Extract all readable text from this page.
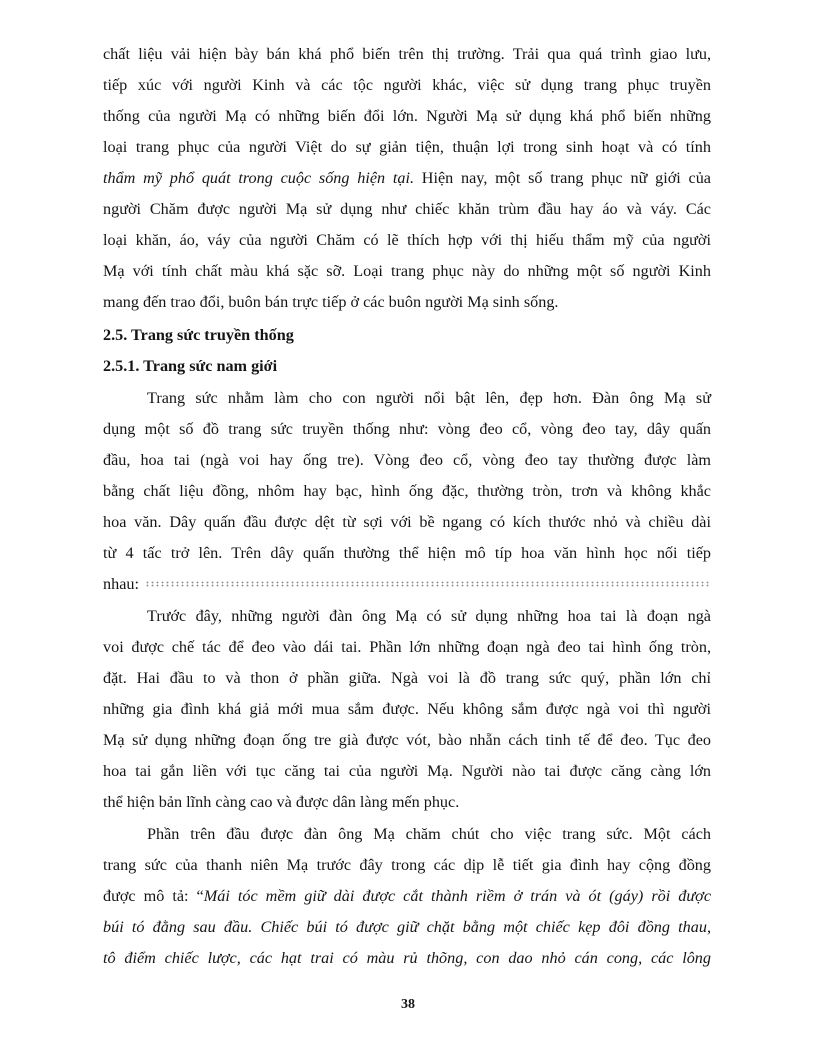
chất liệu vải hiện bày bán khá phổ biến trên thị trường. Trải qua quá trình giao lưu,
tiếp xúc với người Kinh và các tộc người khác, việc sử dụng trang phục truyền
thống của người Mạ có những biến đổi lớn. Người Mạ sử dụng khá phổ biến những
loại trang phục của người Việt do sự giản tiện, thuận lợi trong sinh hoạt và có tính
thẩm mỹ phổ quát trong cuộc sống hiện tại. Hiện nay, một số trang phục nữ giới của
người Chăm được người Mạ sử dụng như chiếc khăn trùm đầu hay áo và váy. Các
loại khăn, áo, váy của người Chăm có lẽ thích hợp với thị hiếu thẩm mỹ của người
Mạ với tính chất màu khá sặc sỡ. Loại trang phục này do những một số người Kinh
mang đến trao đổi, buôn bán trực tiếp ở các buôn người Mạ sinh sống.
2.5. Trang sức truyền thống
2.5.1. Trang sức nam giới
Trang sức nhằm làm cho con người nổi bật lên, đẹp hơn. Đàn ông Mạ sử
dụng một số đồ trang sức truyền thống như: vòng đeo cổ, vòng đeo tay, dây quấn
đầu, hoa tai (ngà voi hay ống tre). Vòng đeo cổ, vòng đeo tay thường được làm
bằng chất liệu đồng, nhôm hay bạc, hình ống đặc, thường tròn, trơn và không khắc
hoa văn. Dây quấn đầu được dệt từ sợi với bề ngang có kích thước nhỏ và chiều dài
từ 4 tấc trở lên. Trên dây quấn thường thể hiện mô típ hoa văn hình học nối tiếp
nhau:
Trước đây, những người đàn ông Mạ có sử dụng những hoa tai là đoạn ngà
voi được chế tác để đeo vào dái tai. Phần lớn những đoạn ngà đeo tai hình ống tròn,
đặt. Hai đầu to và thon ở phần giữa. Ngà voi là đồ trang sức quý, phần lớn chỉ
những gia đình khá giả mới mua sắm được. Nếu không sắm được ngà voi thì người
Mạ sử dụng những đoạn ống tre già được vót, bào nhẵn cách tinh tế để đeo. Tục đeo
hoa tai gắn liền với tục căng tai của người Mạ. Người nào tai được căng càng lớn
thể hiện bản lĩnh càng cao và được dân làng mến phục.
Phần trên đầu được đàn ông Mạ chăm chút cho việc trang sức. Một cách
trang sức của thanh niên Mạ trước đây trong các dịp lễ tiết gia đình hay cộng đồng
được mô tả: “Mái tóc mềm giữ dài được cắt thành riềm ở trán và ót (gáy) rồi được
búi tó đằng sau đầu. Chiếc búi tó được giữ chặt bằng một chiếc kẹp đôi đồng thau,
tô điểm chiếc lược, các hạt trai có màu rủ thõng, con dao nhỏ cán cong, các lông
38
